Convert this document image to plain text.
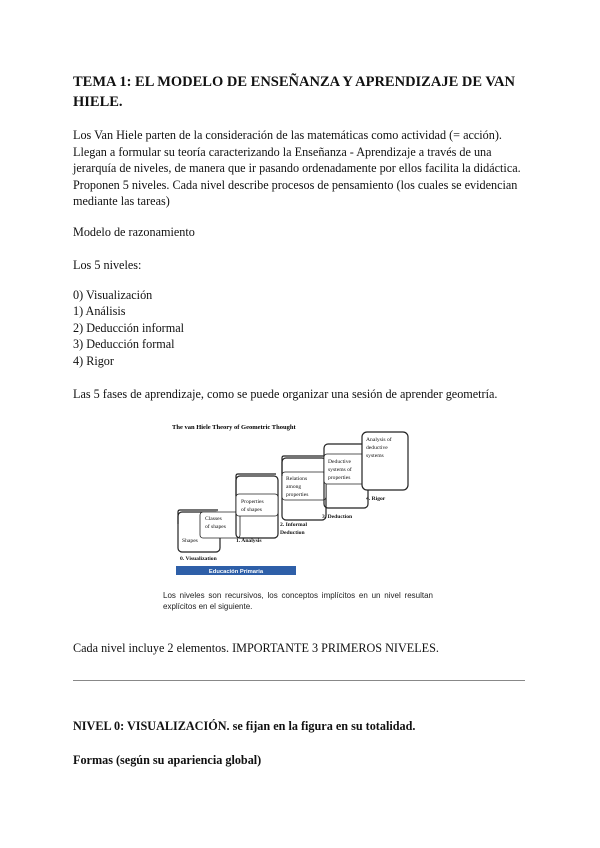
TEMA 1: EL MODELO DE ENSEÑANZA Y APRENDIZAJE DE VAN HIELE.

Los Van Hiele parten de la consideración de las matemáticas como actividad (= acción). Llegan a formular su teoría caracterizando la Enseñanza - Aprendizaje a través de una jerarquía de niveles, de manera que ir pasando ordenadamente por ellos facilita la didáctica. Proponen 5 niveles. Cada nivel describe procesos de pensamiento (los cuales se evidencian mediante las tareas)

Modelo de razonamiento

Los 5 niveles:

0) Visualización
1) Análisis
2) Deducción informal
3) Deducción formal
4) Rigor

Las 5 fases de aprendizaje, como se puede organizar una sesión de aprender geometría.

The van Hiele Theory of Geometric Thought
Shapes
Classes
of shapes
Properties
of shapes
Relations
among
properties
Deductive
systems of
properties
Analysis of
deductive
systems
0. Visualization
1. Analysis
2. Informal
Deduction
3. Deduction
4. Rigor
Educación Primaria
Los niveles son recursivos, los conceptos implícitos en un nivel resultan explícitos en el siguiente.

Cada nivel incluye 2 elementos. IMPORTANTE 3 PRIMEROS NIVELES.

NIVEL 0: VISUALIZACIÓN. se fijan en la figura en su totalidad.

Formas (según su apariencia global)
